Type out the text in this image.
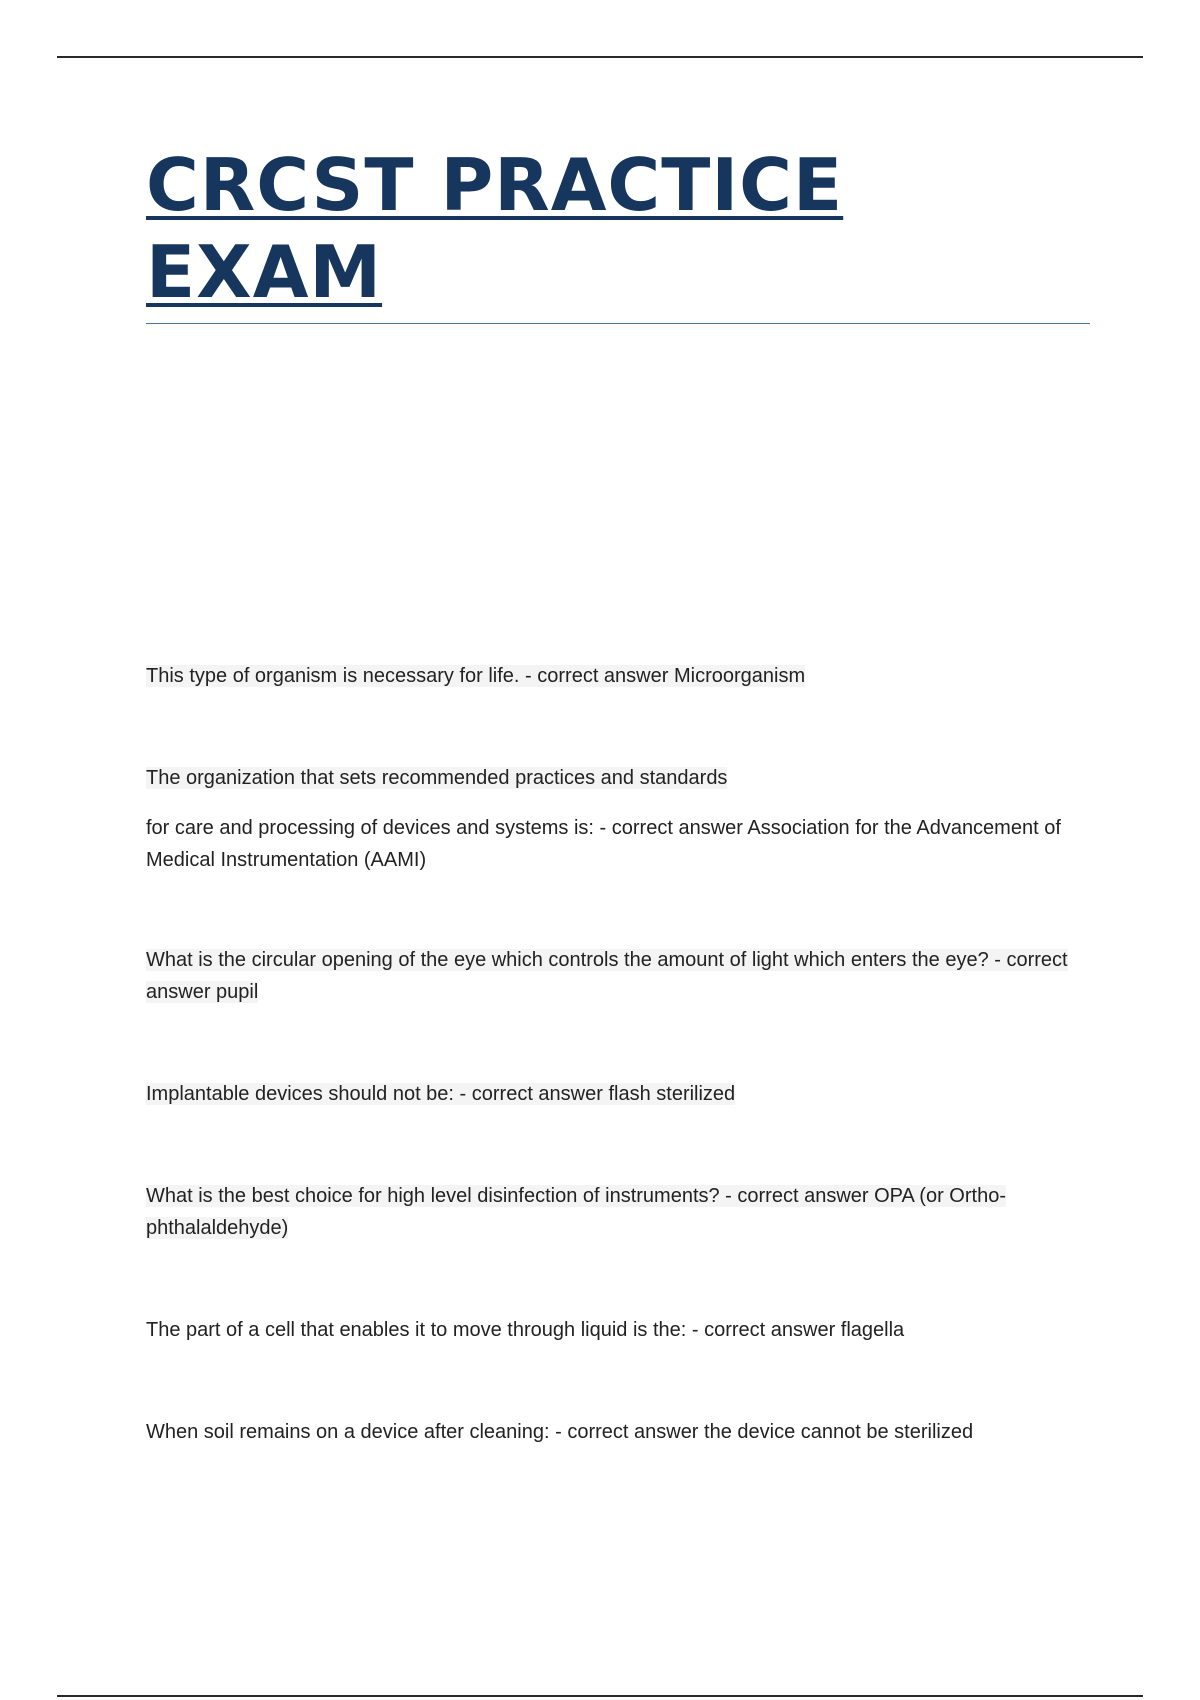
CRCST PRACTICE
EXAM

This type of organism is necessary for life. - correct answer Microorganism

The organization that sets recommended practices and standards

for care and processing of devices and systems is: - correct answer Association for the Advancement of Medical Instrumentation (AAMI)

What is the circular opening of the eye which controls the amount of light which enters the eye? - correct answer pupil

Implantable devices should not be: - correct answer flash sterilized

What is the best choice for high level disinfection of instruments? - correct answer OPA (or Ortho-phthalaldehyde)

The part of a cell that enables it to move through liquid is the: - correct answer flagella

When soil remains on a device after cleaning: - correct answer the device cannot be sterilized
